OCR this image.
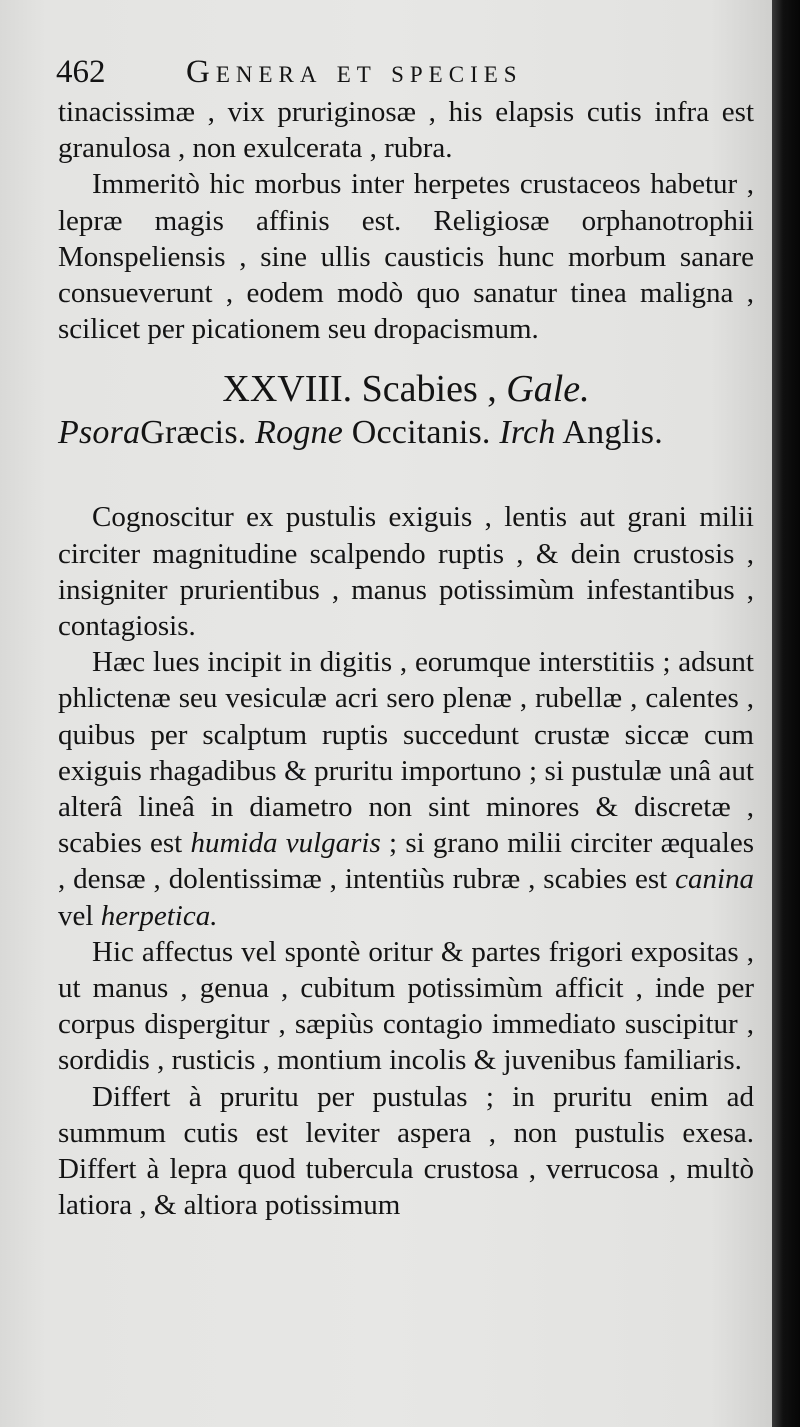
462 Genera et species

tinacissimæ , vix pruriginosæ , his elapsis cutis infra est granulosa , non exulcerata , rubra.

Immeritò hic morbus inter herpetes crustaceos habetur , lepræ magis affinis est. Religiosæ orphanotrophii Monspeliensis , sine ullis causticis hunc morbum sanare consueverunt , eodem modò quo sanatur tinea maligna , scilicet per picationem seu dropacismum.

XXVIII. Scabies , Gale.

PsoraGræcis. Rogne Occitanis. Irch Anglis.

Cognoscitur ex pustulis exiguis , lentis aut grani milii circiter magnitudine scalpendo ruptis , & dein crustosis , insigniter prurientibus , manus potissimùm infestantibus , contagiosis.

Hæc lues incipit in digitis , eorumque interstitiis ; adsunt phlictenæ seu vesiculæ acri sero plenæ , rubellæ , calentes , quibus per scalptum ruptis succedunt crustæ siccæ cum exiguis rhagadibus & pruritu importuno ; si pustulæ unâ aut alterâ lineâ in diametro non sint minores & discretæ , scabies est humida vulgaris ; si grano milii circiter æquales , densæ , dolentissimæ , intentiùs rubræ , scabies est canina vel herpetica.

Hic affectus vel spontè oritur & partes frigori expositas , ut manus , genua , cubitum potissimùm afficit , inde per corpus dispergitur , sæpiùs contagio immediato suscipitur , sordidis , rusticis , montium incolis & juvenibus familiaris.

Differt à pruritu per pustulas ; in pruritu enim ad summum cutis est leviter aspera , non pustulis exesa. Differt à lepra quod tubercula crustosa , verrucosa , multò latiora , & altiora potissimum
